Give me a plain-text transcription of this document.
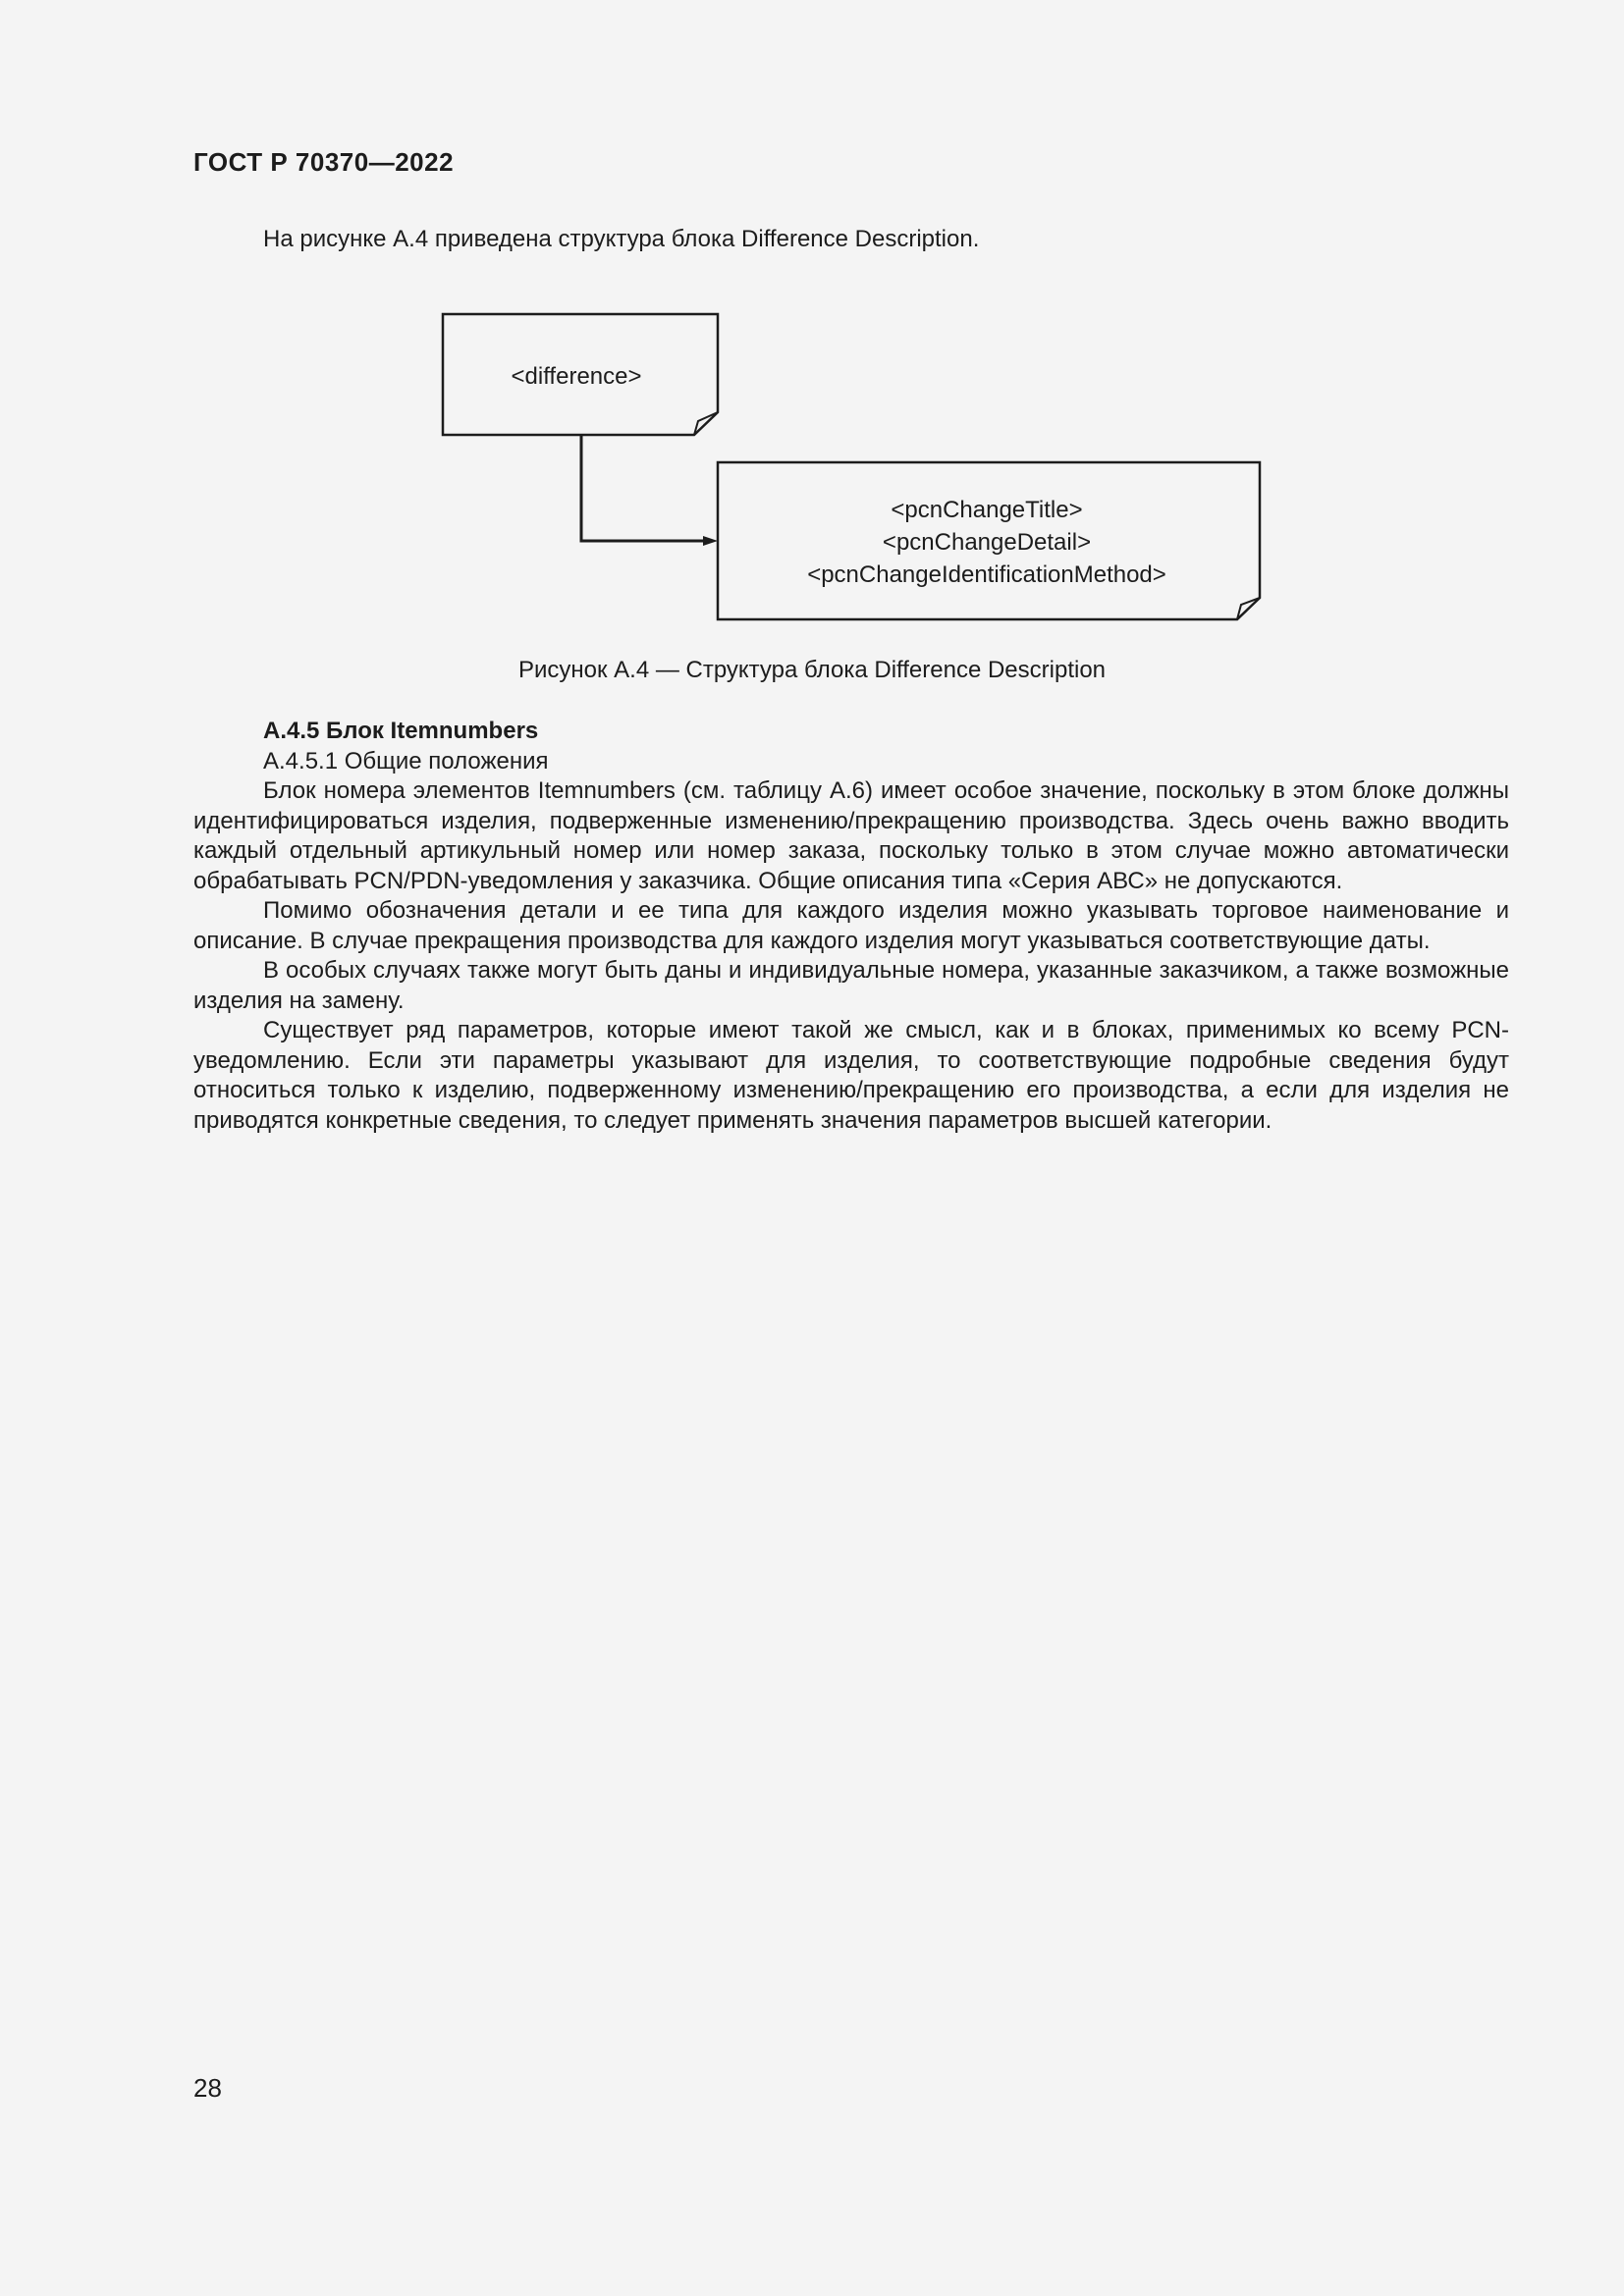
ГОСТ Р 70370—2022

На рисунке А.4 приведена структура блока Difference Description.

<difference>
<pcnChangeTitle>
<pcnChangeDetail>
<pcnChangeIdentificationMethod>

Рисунок А.4 — Структура блока Difference Description

А.4.5 Блок Itemnumbers

А.4.5.1 Общие положения

Блок номера элементов Itemnumbers (см. таблицу А.6) имеет особое значение, поскольку в этом блоке должны идентифицироваться изделия, подверженные изменению/прекращению производства. Здесь очень важно вводить каждый отдельный артикульный номер или номер заказа, поскольку только в этом случае можно автоматически обрабатывать PCN/PDN-уведомления у заказчика. Общие описания типа «Серия АВС» не допускаются.

Помимо обозначения детали и ее типа для каждого изделия можно указывать торговое наименование и описание. В случае прекращения производства для каждого изделия могут указываться соответствующие даты.

В особых случаях также могут быть даны и индивидуальные номера, указанные заказчиком, а также возможные изделия на замену.

Существует ряд параметров, которые имеют такой же смысл, как и в блоках, применимых ко всему PCN-уведомлению. Если эти параметры указывают для изделия, то соответствующие подробные сведения будут относиться только к изделию, подверженному изменению/прекращению его производства, а если для изделия не приводятся конкретные сведения, то следует применять значения параметров высшей категории.

28
